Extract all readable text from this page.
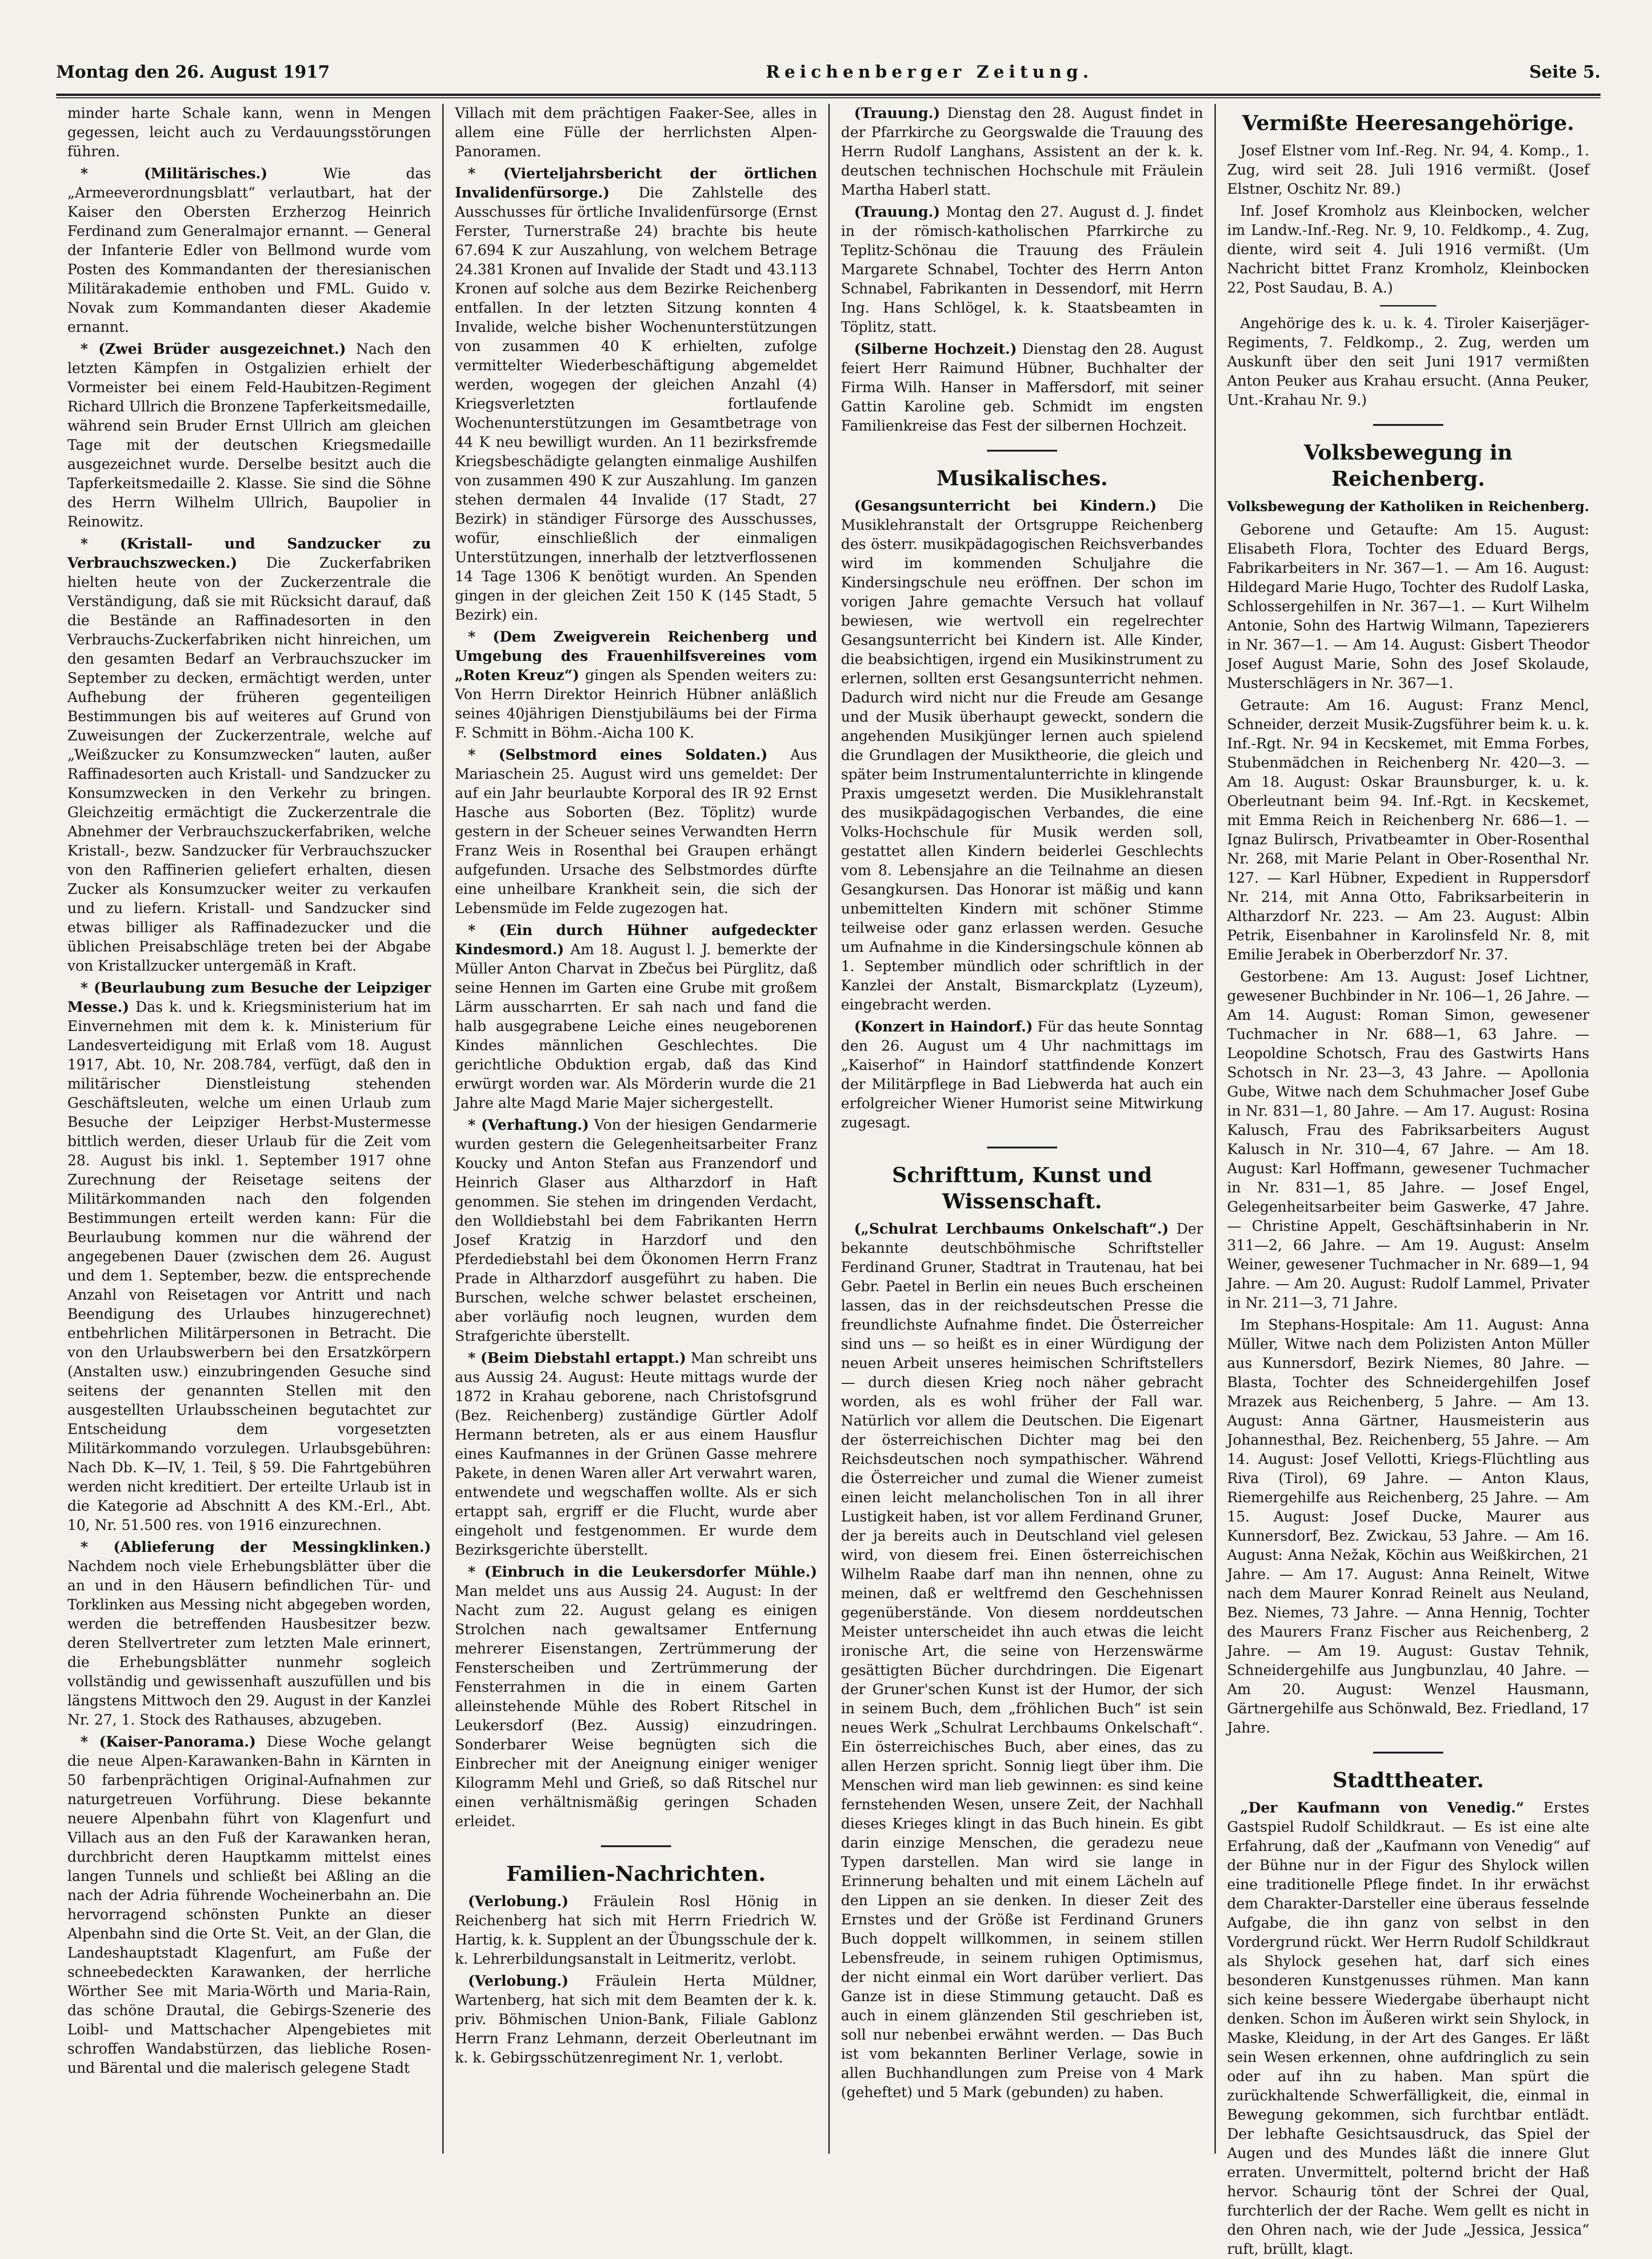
Montag den 26. August 1917	Reichenberger Zeitung.	Seite 5.

minder harte Schale kann, wenn in Mengen gegessen, leicht auch zu Verdauungsstörungen führen.

* (Militärisches.)	Wie das „Armeeverordnungsblatt“ verlautbart, hat der Kaiser den Obersten Erzherzog Heinrich Ferdinand zum Generalmajor ernannt. — General der Infanterie Edler von Bellmond wurde vom Posten des Kommandanten der theresianischen Militärakademie enthoben und FML. Guido v. Novak zum Kommandanten dieser Akademie ernannt.

* (Zwei Brüder ausgezeichnet.) Nach den letzten Kämpfen in Ostgalizien erhielt der Vormeister bei einem Feld-Haubitzen-Regiment Richard Ullrich die Bronzene Tapferkeitsmedaille, während sein Bruder Ernst Ullrich am gleichen Tage mit der deutschen Kriegsmedaille ausgezeichnet wurde. Derselbe besitzt auch die Tapferkeitsmedaille 2. Klasse. Sie sind die Söhne des Herrn Wilhelm Ullrich, Baupolier in Reinowitz.

* (Kristall- und Sandzucker zu Verbrauchszwecken.) Die Zuckerfabriken hielten heute von der Zuckerzentrale die Verständigung, daß sie mit Rücksicht darauf, daß die Bestände an Raffinadesorten in den Verbrauchs-Zuckerfabriken nicht hinreichen, um den gesamten Bedarf an Verbrauchszucker im September zu decken, ermächtigt werden, unter Aufhebung der früheren gegenteiligen Bestimmungen bis auf weiteres auf Grund von Zuweisungen der Zuckerzentrale, welche auf „Weißzucker zu Konsumzwecken“ lauten, außer Raffinadesorten auch Kristall- und Sandzucker zu Konsumzwecken in den Verkehr zu bringen. Gleichzeitig ermächtigt die Zuckerzentrale die Abnehmer der Verbrauchszuckerfabriken, welche Kristall-, bezw. Sandzucker für Verbrauchszucker von den Raffinerien geliefert erhalten, diesen Zucker als Konsumzucker weiter zu verkaufen und zu liefern. Kristall- und Sandzucker sind etwas billiger als Raffinadezucker und die üblichen Preisabschläge treten bei der Abgabe von Kristallzucker untergemäß in Kraft.

* (Beurlaubung zum Besuche der Leipziger Messe.) Das k. und k. Kriegsministerium hat im Einvernehmen mit dem k. k. Ministerium für Landesverteidigung mit Erlaß vom 18. August 1917, Abt. 10, Nr. 208.784, verfügt, daß den in militärischer Dienstleistung stehenden Geschäftsleuten, welche um einen Urlaub zum Besuche der Leipziger Herbst-Mustermesse bittlich werden, dieser Urlaub für die Zeit vom 28. August bis inkl. 1. September 1917 ohne Zurechnung der Reisetage seitens der Militärkommanden nach den folgenden Bestimmungen erteilt werden kann: Für die Beurlaubung kommen nur die während der angegebenen Dauer (zwischen dem 26. August und dem 1. September, bezw. die entsprechende Anzahl von Reisetagen vor Antritt und nach Beendigung des Urlaubes hinzugerechnet) entbehrlichen Militärpersonen in Betracht. Die von den Urlaubswerbern bei den Ersatzkörpern (Anstalten usw.) einzubringenden Gesuche sind seitens der genannten Stellen mit den ausgestellten Urlaubsscheinen begutachtet zur Entscheidung dem vorgesetzten Militärkommando vorzulegen. Urlaubsgebühren: Nach Db. K—IV, 1. Teil, § 59. Die Fahrtgebühren werden nicht kreditiert. Der erteilte Urlaub ist in die Kategorie ad Abschnitt A des KM.-Erl., Abt. 10, Nr. 51.500 res. von 1916 einzurechnen.

* (Ablieferung der Messingklinken.) Nachdem noch viele Erhebungsblätter über die an und in den Häusern befindlichen Tür- und Torklinken aus Messing nicht abgegeben worden, werden die betreffenden Hausbesitzer bezw. deren Stellvertreter zum letzten Male erinnert, die Erhebungsblätter nunmehr sogleich vollständig und gewissenhaft auszufüllen und bis längstens Mittwoch den 29. August in der Kanzlei Nr. 27, 1. Stock des Rathauses, abzugeben.

* (Kaiser-Panorama.) Diese Woche gelangt die neue Alpen-Karawanken-Bahn in Kärnten in 50 farbenprächtigen Original-Aufnahmen zur naturgetreuen Vorführung. Diese bekannte neuere Alpenbahn führt von Klagenfurt und Villach aus an den Fuß der Karawanken heran, durchbricht deren Hauptkamm mittelst eines langen Tunnels und schließt bei Aßling an die nach der Adria führende Wocheinerbahn an. Die hervorragend schönsten Punkte an dieser Alpenbahn sind die Orte St. Veit, an der Glan, die Landeshauptstadt Klagenfurt, am Fuße der schneebedeckten Karawanken, der herrliche Wörther See mit Maria-Wörth und Maria-Rain, das schöne Drautal, die Gebirgs-Szenerie des Loibl- und Mattschacher Alpengebietes mit schroffen Wandabstürzen, das liebliche Rosen- und Bärental und die malerisch gelegene Stadt

Villach mit dem prächtigen Faaker-See, alles in allem eine Fülle der herrlichsten Alpen-Panoramen.

* (Vierteljahrsbericht der örtlichen Invalidenfürsorge.) Die Zahlstelle des Ausschusses für örtliche Invalidenfürsorge (Ernst Ferster, Turnerstraße 24) brachte bis heute 67.694 K zur Auszahlung, von welchem Betrage 24.381 Kronen auf Invalide der Stadt und 43.113 Kronen auf solche aus dem Bezirke Reichenberg entfallen. In der letzten Sitzung konnten 4 Invalide, welche bisher Wochenunterstützungen von zusammen 40 K erhielten, zufolge vermittelter Wiederbeschäftigung abgemeldet werden, wogegen der gleichen Anzahl (4) Kriegsverletzten fortlaufende Wochenunterstützungen im Gesamtbetrage von 44 K neu bewilligt wurden. An 11 bezirksfremde Kriegsbeschädigte gelangten einmalige Aushilfen von zusammen 490 K zur Auszahlung. Im ganzen stehen dermalen 44 Invalide (17 Stadt, 27 Bezirk) in ständiger Fürsorge des Ausschusses, wofür, einschließlich der einmaligen Unterstützungen, innerhalb der letztverflossenen 14 Tage 1306 K benötigt wurden. An Spenden gingen in der gleichen Zeit 150 K (145 Stadt, 5 Bezirk) ein.

* (Dem Zweigverein Reichenberg und Umgebung des Frauenhilfsvereines vom „Roten Kreuz“) gingen als Spenden weiters zu: Von Herrn Direktor Heinrich Hübner anläßlich seines 40jährigen Dienstjubiläums bei der Firma F. Schmitt in Böhm.-Aicha 100 K.

* (Selbstmord eines Soldaten.) Aus Mariaschein 25. August wird uns gemeldet: Der auf ein Jahr beurlaubte Korporal des IR 92 Ernst Hasche aus Soborten (Bez. Töplitz) wurde gestern in der Scheuer seines Verwandten Herrn Franz Weis in Rosenthal bei Graupen erhängt aufgefunden. Ursache des Selbstmordes dürfte eine unheilbare Krankheit sein, die sich der Lebensmüde im Felde zugezogen hat.

* (Ein durch Hühner aufgedeckter Kindesmord.) Am 18. August l. J. bemerkte der Müller Anton Charvat in Zbečus bei Pürglitz, daß seine Hennen im Garten eine Grube mit großem Lärm ausscharrten. Er sah nach und fand die halb ausgegrabene Leiche eines neugeborenen Kindes männlichen Geschlechtes. Die gerichtliche Obduktion ergab, daß das Kind erwürgt worden war. Als Mörderin wurde die 21 Jahre alte Magd Marie Majer sichergestellt.

* (Verhaftung.) Von der hiesigen Gendarmerie wurden gestern die Gelegenheitsarbeiter Franz Koucky und Anton Stefan aus Franzendorf und Heinrich Glaser aus Altharzdorf in Haft genommen. Sie stehen im dringenden Verdacht, den Wolldiebstahl bei dem Fabrikanten Herrn Josef Kratzig in Harzdorf und den Pferdediebstahl bei dem Ökonomen Herrn Franz Prade in Altharzdorf ausgeführt zu haben. Die Burschen, welche schwer belastet erscheinen, aber vorläufig noch leugnen, wurden dem Strafgerichte überstellt.

* (Beim Diebstahl ertappt.) Man schreibt uns aus Aussig 24. August: Heute mittags wurde der 1872 in Krahau geborene, nach Christofsgrund (Bez. Reichenberg) zuständige Gürtler Adolf Hermann betreten, als er aus einem Hausflur eines Kaufmannes in der Grünen Gasse mehrere Pakete, in denen Waren aller Art verwahrt waren, entwendete und wegschaffen wollte. Als er sich ertappt sah, ergriff er die Flucht, wurde aber eingeholt und festgenommen. Er wurde dem Bezirksgerichte überstellt.

* (Einbruch in die Leukersdorfer Mühle.) Man meldet uns aus Aussig 24. August: In der Nacht zum 22. August gelang es einigen Strolchen nach gewaltsamer Entfernung mehrerer Eisenstangen, Zertrümmerung der Fensterscheiben und Zertrümmerung der Fensterrahmen in die in einem Garten alleinstehende Mühle des Robert Ritschel in Leukersdorf (Bez. Aussig) einzudringen. Sonderbarer Weise begnügten sich die Einbrecher mit der Aneignung einiger weniger Kilogramm Mehl und Grieß, so daß Ritschel nur einen verhältnismäßig geringen Schaden erleidet.

Familien-Nachrichten.

(Verlobung.) Fräulein Rosl Hönig in Reichenberg hat sich mit Herrn Friedrich W. Hartig, k. k. Supplent an der Übungsschule der k. k. Lehrerbildungsanstalt in Leitmeritz, verlobt.

(Verlobung.) Fräulein Herta Müldner, Wartenberg, hat sich mit dem Beamten der k. k. priv. Böhmischen Union-Bank, Filiale Gablonz Herrn Franz Lehmann, derzeit Oberleutnant im k. k. Gebirgsschützenregiment Nr. 1, verlobt.

(Trauung.) Dienstag den 28. August findet in der Pfarrkirche zu Georgswalde die Trauung des Herrn Rudolf Langhans, Assistent an der k. k. deutschen technischen Hochschule mit Fräulein Martha Haberl statt.

(Trauung.) Montag den 27. August d. J. findet in der römisch-katholischen Pfarrkirche zu Teplitz-Schönau die Trauung des Fräulein Margarete Schnabel, Tochter des Herrn Anton Schnabel, Fabrikanten in Dessendorf, mit Herrn Ing. Hans Schlögel, k. k. Staatsbeamten in Töplitz, statt.

(Silberne Hochzeit.) Dienstag den 28. August feiert Herr Raimund Hübner, Buchhalter der Firma Wilh. Hanser in Maffersdorf, mit seiner Gattin Karoline geb. Schmidt im engsten Familienkreise das Fest der silbernen Hochzeit.

Musikalisches.

(Gesangsunterricht bei Kindern.) Die Musiklehranstalt der Ortsgruppe Reichenberg des österr. musikpädagogischen Reichsverbandes wird im kommenden Schuljahre die Kindersingschule neu eröffnen. Der schon im vorigen Jahre gemachte Versuch hat vollauf bewiesen, wie wertvoll ein regelrechter Gesangsunterricht bei Kindern ist. Alle Kinder, die beabsichtigen, irgend ein Musikinstrument zu erlernen, sollten erst Gesangsunterricht nehmen. Dadurch wird nicht nur die Freude am Gesange und der Musik überhaupt geweckt, sondern die angehenden Musikjünger lernen auch spielend die Grundlagen der Musiktheorie, die gleich und später beim Instrumentalunterrichte in klingende Praxis umgesetzt werden. Die Musiklehranstalt des musikpädagogischen Verbandes, die eine Volks-Hochschule für Musik werden soll, gestattet allen Kindern beiderlei Geschlechts vom 8. Lebensjahre an die Teilnahme an diesen Gesangkursen. Das Honorar ist mäßig und kann unbemittelten Kindern mit schöner Stimme teilweise oder ganz erlassen werden. Gesuche um Aufnahme in die Kindersingschule können ab 1. September mündlich oder schriftlich in der Kanzlei der Anstalt, Bismarckplatz (Lyzeum), eingebracht werden.

(Konzert in Haindorf.) Für das heute Sonntag den 26. August um 4 Uhr nachmittags im „Kaiserhof“ in Haindorf stattfindende Konzert der Militärpflege in Bad Liebwerda hat auch ein erfolgreicher Wiener Humorist seine Mitwirkung zugesagt.

Schrifttum, Kunst und Wissenschaft.

(„Schulrat Lerchbaums Onkelschaft“.) Der bekannte deutschböhmische Schriftsteller Ferdinand Gruner, Stadtrat in Trautenau, hat bei Gebr. Paetel in Berlin ein neues Buch erscheinen lassen, das in der reichsdeutschen Presse die freundlichste Aufnahme findet. Die Österreicher sind uns — so heißt es in einer Würdigung der neuen Arbeit unseres heimischen Schriftstellers — durch diesen Krieg noch näher gebracht worden, als es wohl früher der Fall war. Natürlich vor allem die Deutschen. Die Eigenart der österreichischen Dichter mag bei den Reichsdeutschen noch sympathischer. Während die Österreicher und zumal die Wiener zumeist einen leicht melancholischen Ton in all ihrer Lustigkeit haben, ist vor allem Ferdinand Gruner, der ja bereits auch in Deutschland viel gelesen wird, von diesem frei. Einen österreichischen Wilhelm Raabe darf man ihn nennen, ohne zu meinen, daß er weltfremd den Geschehnissen gegenüberstände. Von diesem norddeutschen Meister unterscheidet ihn auch etwas die leicht ironische Art, die seine von Herzenswärme gesättigten Bücher durchdringen. Die Eigenart der Gruner'schen Kunst ist der Humor, der sich in seinem Buch, dem „fröhlichen Buch“ ist sein neues Werk „Schulrat Lerchbaums Onkelschaft“. Ein österreichisches Buch, aber eines, das zu allen Herzen spricht. Sonnig liegt über ihm. Die Menschen wird man lieb gewinnen: es sind keine fernstehenden Wesen, unsere Zeit, der Nachhall dieses Krieges klingt in das Buch hinein. Es gibt darin einzige Menschen, die geradezu neue Typen darstellen. Man wird sie lange in Erinnerung behalten und mit einem Lächeln auf den Lippen an sie denken. In dieser Zeit des Ernstes und der Größe ist Ferdinand Gruners Buch doppelt willkommen, in seinem stillen Lebensfreude, in seinem ruhigen Optimismus, der nicht einmal ein Wort darüber verliert. Das Ganze ist in diese Stimmung getaucht. Daß es auch in einem glänzenden Stil geschrieben ist, soll nur nebenbei erwähnt werden. — Das Buch ist vom bekannten Berliner Verlage, sowie in allen Buchhandlungen zum Preise von 4 Mark (geheftet) und 5 Mark (gebunden) zu haben.

Vermißte Heeresangehörige.

Josef Elstner vom Inf.-Reg. Nr. 94, 4. Komp., 1. Zug, wird seit 28. Juli 1916 vermißt. (Josef Elstner, Oschitz Nr. 89.)

Inf. Josef Kromholz aus Kleinbocken, welcher im Landw.-Inf.-Reg. Nr. 9, 10. Feldkomp., 4. Zug, diente, wird seit 4. Juli 1916 vermißt. (Um Nachricht bittet Franz Kromholz, Kleinbocken 22, Post Saudau, B. A.)

Angehörige des k. u. k. 4. Tiroler Kaiserjäger-Regiments, 7. Feldkomp., 2. Zug, werden um Auskunft über den seit Juni 1917 vermißten Anton Peuker aus Krahau ersucht. (Anna Peuker, Unt.-Krahau Nr. 9.)

Volksbewegung in Reichenberg.
Volksbewegung der Katholiken in Reichenberg.

Geborene und Getaufte: Am 15. August: Elisabeth Flora, Tochter des Eduard Bergs, Fabrikarbeiters in Nr. 367—1. — Am 16. August: Hildegard Marie Hugo, Tochter des Rudolf Laska, Schlossergehilfen in Nr. 367—1. — Kurt Wilhelm Antonie, Sohn des Hartwig Wilmann, Tapezierers in Nr. 367—1. — Am 14. August: Gisbert Theodor Josef August Marie, Sohn des Josef Skolaude, Musterschlägers in Nr. 367—1.

Getraute: Am 16. August: Franz Mencl, Schneider, derzeit Musik-Zugsführer beim k. u. k. Inf.-Rgt. Nr. 94 in Kecskemet, mit Emma Forbes, Stubenmädchen in Reichenberg Nr. 420—3. — Am 18. August: Oskar Braunsburger, k. u. k. Oberleutnant beim 94. Inf.-Rgt. in Kecskemet, mit Emma Reich in Reichenberg Nr. 686—1. — Ignaz Bulirsch, Privatbeamter in Ober-Rosenthal Nr. 268, mit Marie Pelant in Ober-Rosenthal Nr. 127. — Karl Hübner, Expedient in Ruppersdorf Nr. 214, mit Anna Otto, Fabriksarbeiterin in Altharzdorf Nr. 223. — Am 23. August: Albin Petrik, Eisenbahner in Karolinsfeld Nr. 8, mit Emilie Jerabek in Oberberzdorf Nr. 37.

Gestorbene: Am 13. August: Josef Lichtner, gewesener Buchbinder in Nr. 106—1, 26 Jahre. — Am 14. August: Roman Simon, gewesener Tuchmacher in Nr. 688—1, 63 Jahre. — Leopoldine Schotsch, Frau des Gastwirts Hans Schotsch in Nr. 23—3, 43 Jahre. — Apollonia Gube, Witwe nach dem Schuhmacher Josef Gube in Nr. 831—1, 80 Jahre. — Am 17. August: Rosina Kalusch, Frau des Fabriksarbeiters August Kalusch in Nr. 310—4, 67 Jahre. — Am 18. August: Karl Hoffmann, gewesener Tuchmacher in Nr. 831—1, 85 Jahre. — Josef Engel, Gelegenheitsarbeiter beim Gaswerke, 47 Jahre. — Christine Appelt, Geschäftsinhaberin in Nr. 311—2, 66 Jahre. — Am 19. August: Anselm Weiner, gewesener Tuchmacher in Nr. 689—1, 94 Jahre. — Am 20. August: Rudolf Lammel, Privater in Nr. 211—3, 71 Jahre.

Im Stephans-Hospitale: Am 11. August: Anna Müller, Witwe nach dem Polizisten Anton Müller aus Kunnersdorf, Bezirk Niemes, 80 Jahre. — Blasta, Tochter des Schneidergehilfen Josef Mrazek aus Reichenberg, 5 Jahre. — Am 13. August: Anna Gärtner, Hausmeisterin aus Johannesthal, Bez. Reichenberg, 55 Jahre. — Am 14. August: Josef Vellotti, Kriegs-Flüchtling aus Riva (Tirol), 69 Jahre. — Anton Klaus, Riemergehilfe aus Reichenberg, 25 Jahre. — Am 15. August: Josef Ducke, Maurer aus Kunnersdorf, Bez. Zwickau, 53 Jahre. — Am 16. August: Anna Nežak, Köchin aus Weißkirchen, 21 Jahre. — Am 17. August: Anna Reinelt, Witwe nach dem Maurer Konrad Reinelt aus Neuland, Bez. Niemes, 73 Jahre. — Anna Hennig, Tochter des Maurers Franz Fischer aus Reichenberg, 2 Jahre. — Am 19. August: Gustav Tehnik, Schneidergehilfe aus Jungbunzlau, 40 Jahre. — Am 20. August: Wenzel Hausmann, Gärtnergehilfe aus Schönwald, Bez. Friedland, 17 Jahre.

Stadttheater.

„Der Kaufmann von Venedig.“ Erstes Gastspiel Rudolf Schildkraut. — Es ist eine alte Erfahrung, daß der „Kaufmann von Venedig“ auf der Bühne nur in der Figur des Shylock willen eine traditionelle Pflege findet. In ihr erwächst dem Charakter-Darsteller eine überaus fesselnde Aufgabe, die ihn ganz von selbst in den Vordergrund rückt. Wer Herrn Rudolf Schildkraut als Shylock gesehen hat, darf sich eines besonderen Kunstgenusses rühmen. Man kann sich keine bessere Wiedergabe überhaupt nicht denken. Schon im Äußeren wirkt sein Shylock, in Maske, Kleidung, in der Art des Ganges. Er läßt sein Wesen erkennen, ohne aufdringlich zu sein oder auf ihn zu haben. Man spürt die zurückhaltende Schwerfälligkeit, die, einmal in Bewegung gekommen, sich furchtbar entlädt. Der lebhafte Gesichtsausdruck, das Spiel der Augen und des Mundes läßt die innere Glut erraten. Unvermittelt, polternd bricht der Haß hervor. Schaurig tönt der Schrei der Qual, furchterlich der der Rache. Wem gellt es nicht in den Ohren nach, wie der Jude „Jessica, Jessica“ ruft, brüllt, klagt.
